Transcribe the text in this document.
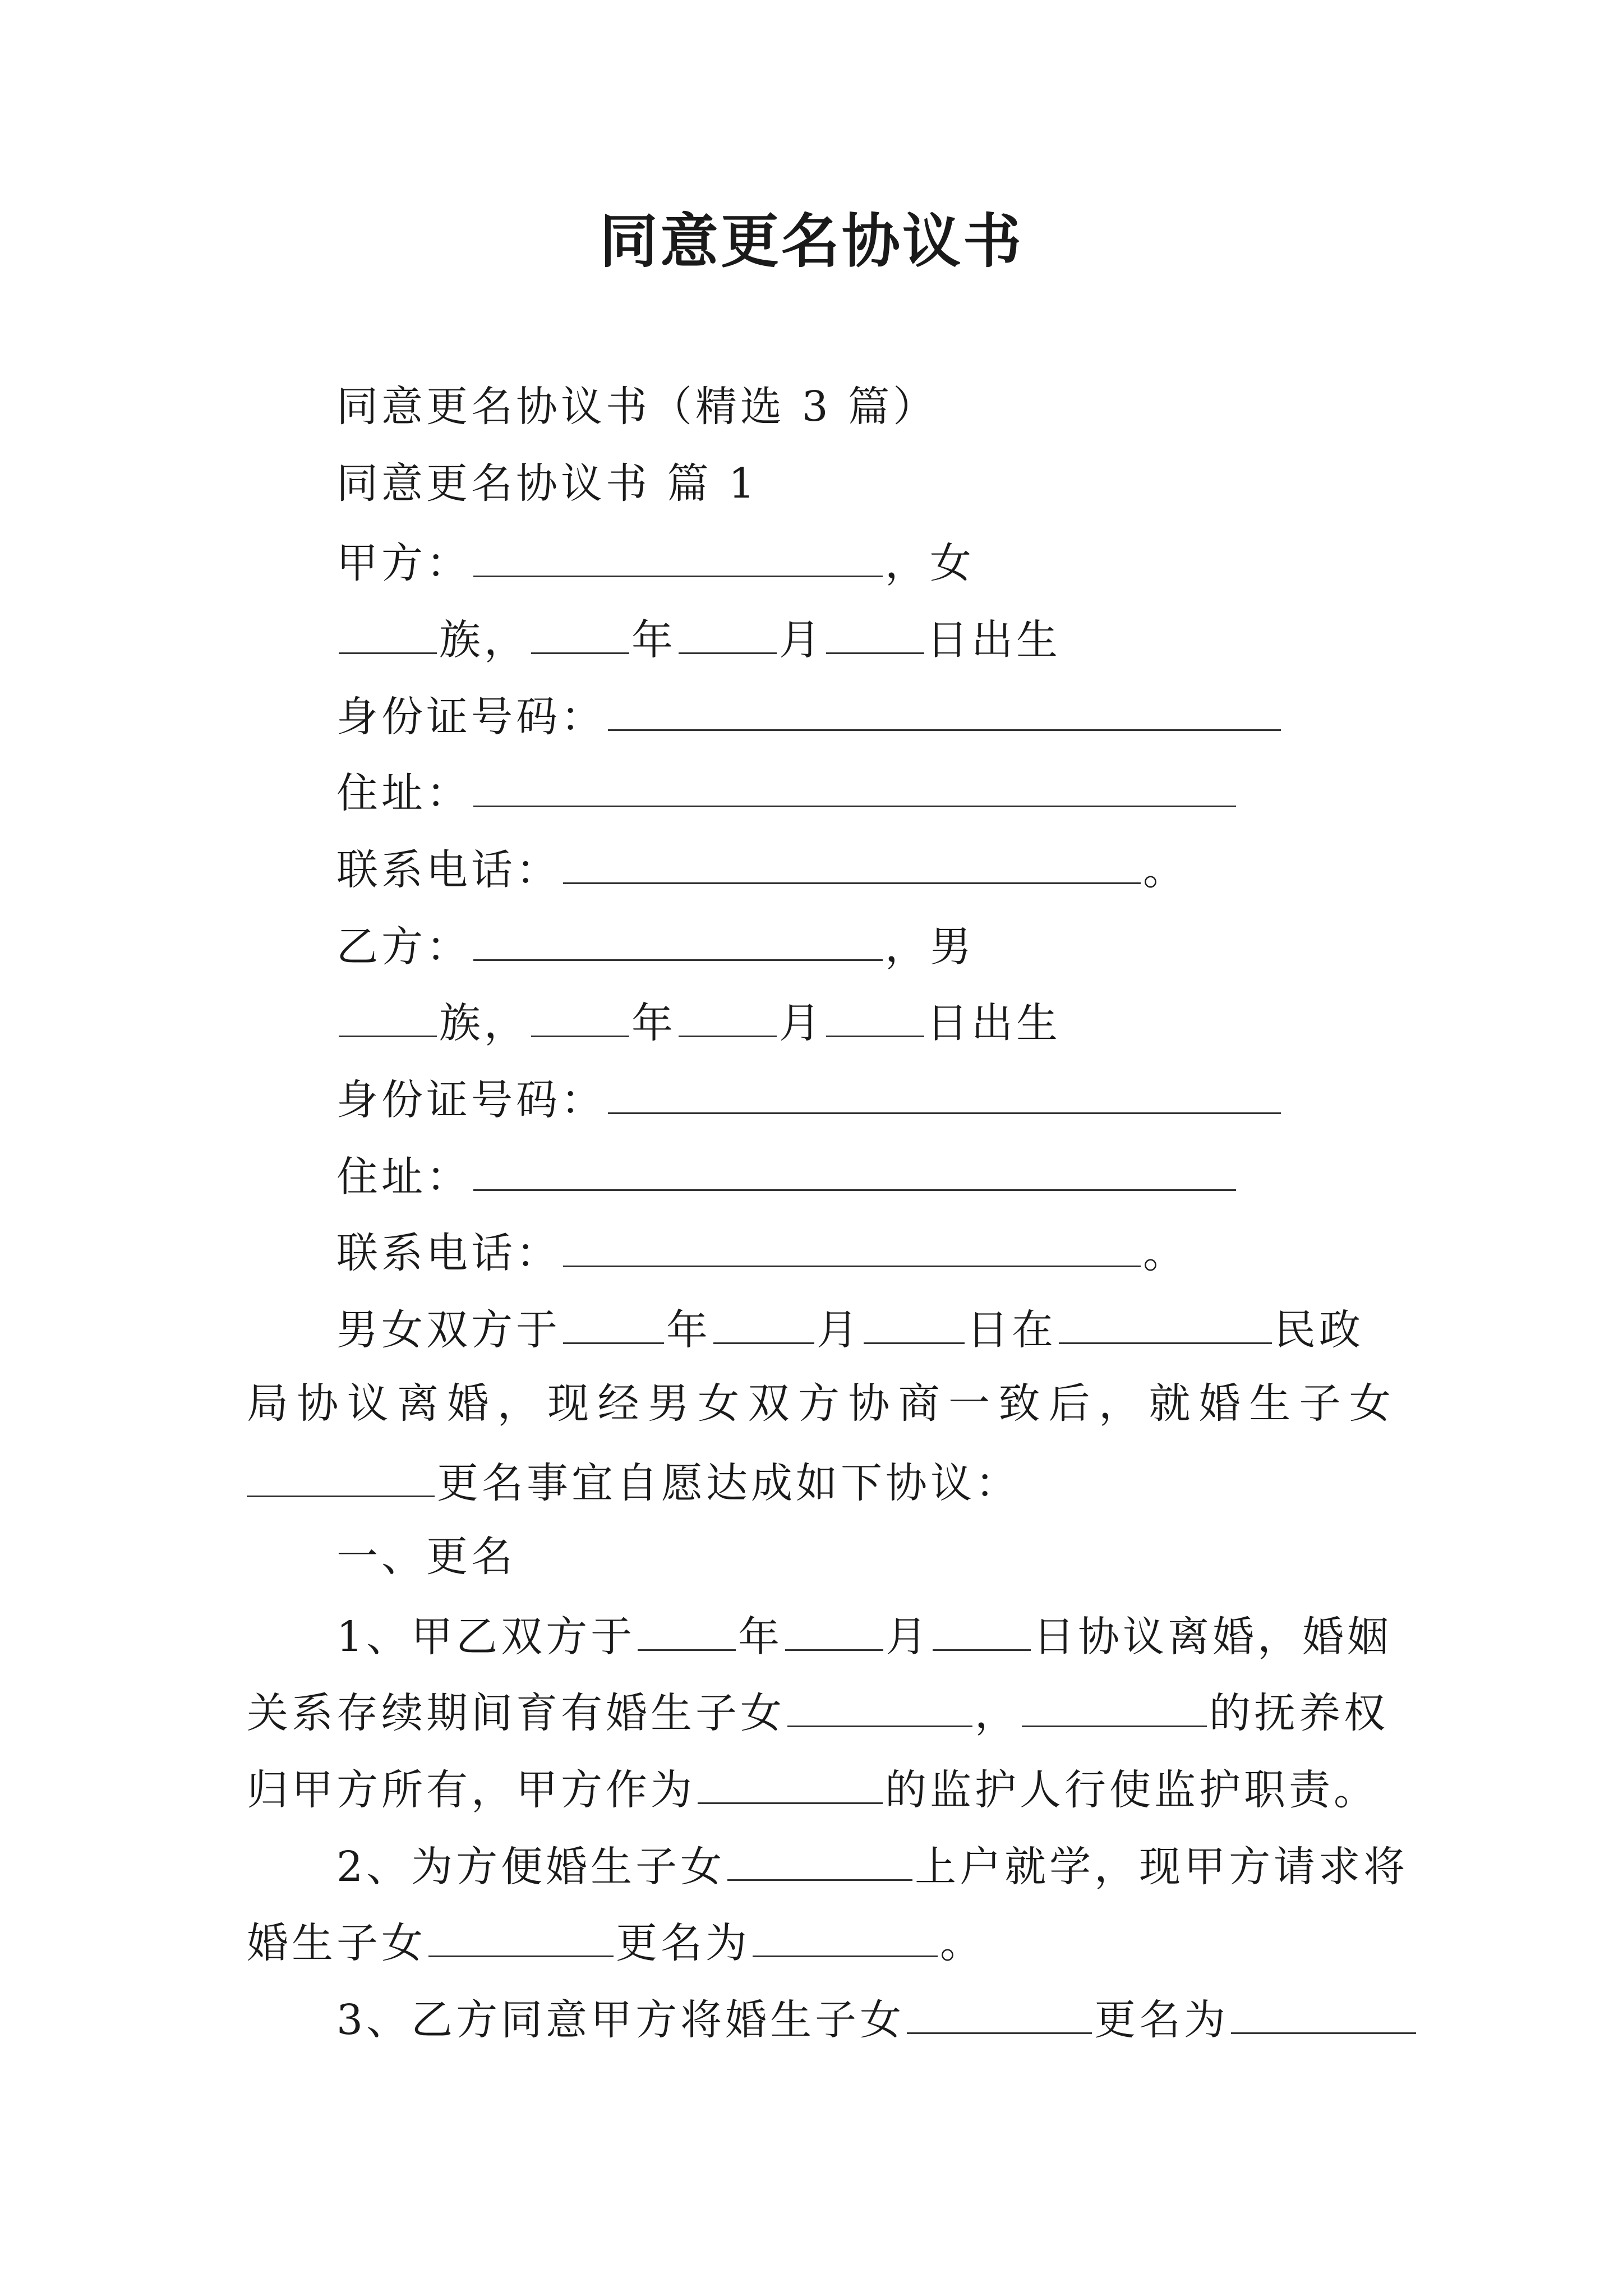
同意更名协议书
同意更名协议书（精选 3 篇）
同意更名协议书 篇 1
甲方：	，女
族， 年 月 日出生
身份证号码：
住址：
联系电话：	。
乙方：	，男
族， 年 月 日出生
身份证号码：
住址：
联系电话：	。
男女双方于	年	月	日在	民政
局 协 议 离 婚 ， 现 经 男 女 双 方 协 商 一 致 后 ， 就 婚 生 子 女
更名事宜自愿达成如下协议：
一、更名
1、甲乙双方于 年 月 日协议离婚，婚姻
关系存续期间育有婚生子女	，	的抚养权
归甲方所有，甲方作为	的监护人行使监护职责。
2、为方便婚生子女	上户就学，现甲方请求将
婚生子女	更名为	。
3、乙方同意甲方将婚生子女	更名为
